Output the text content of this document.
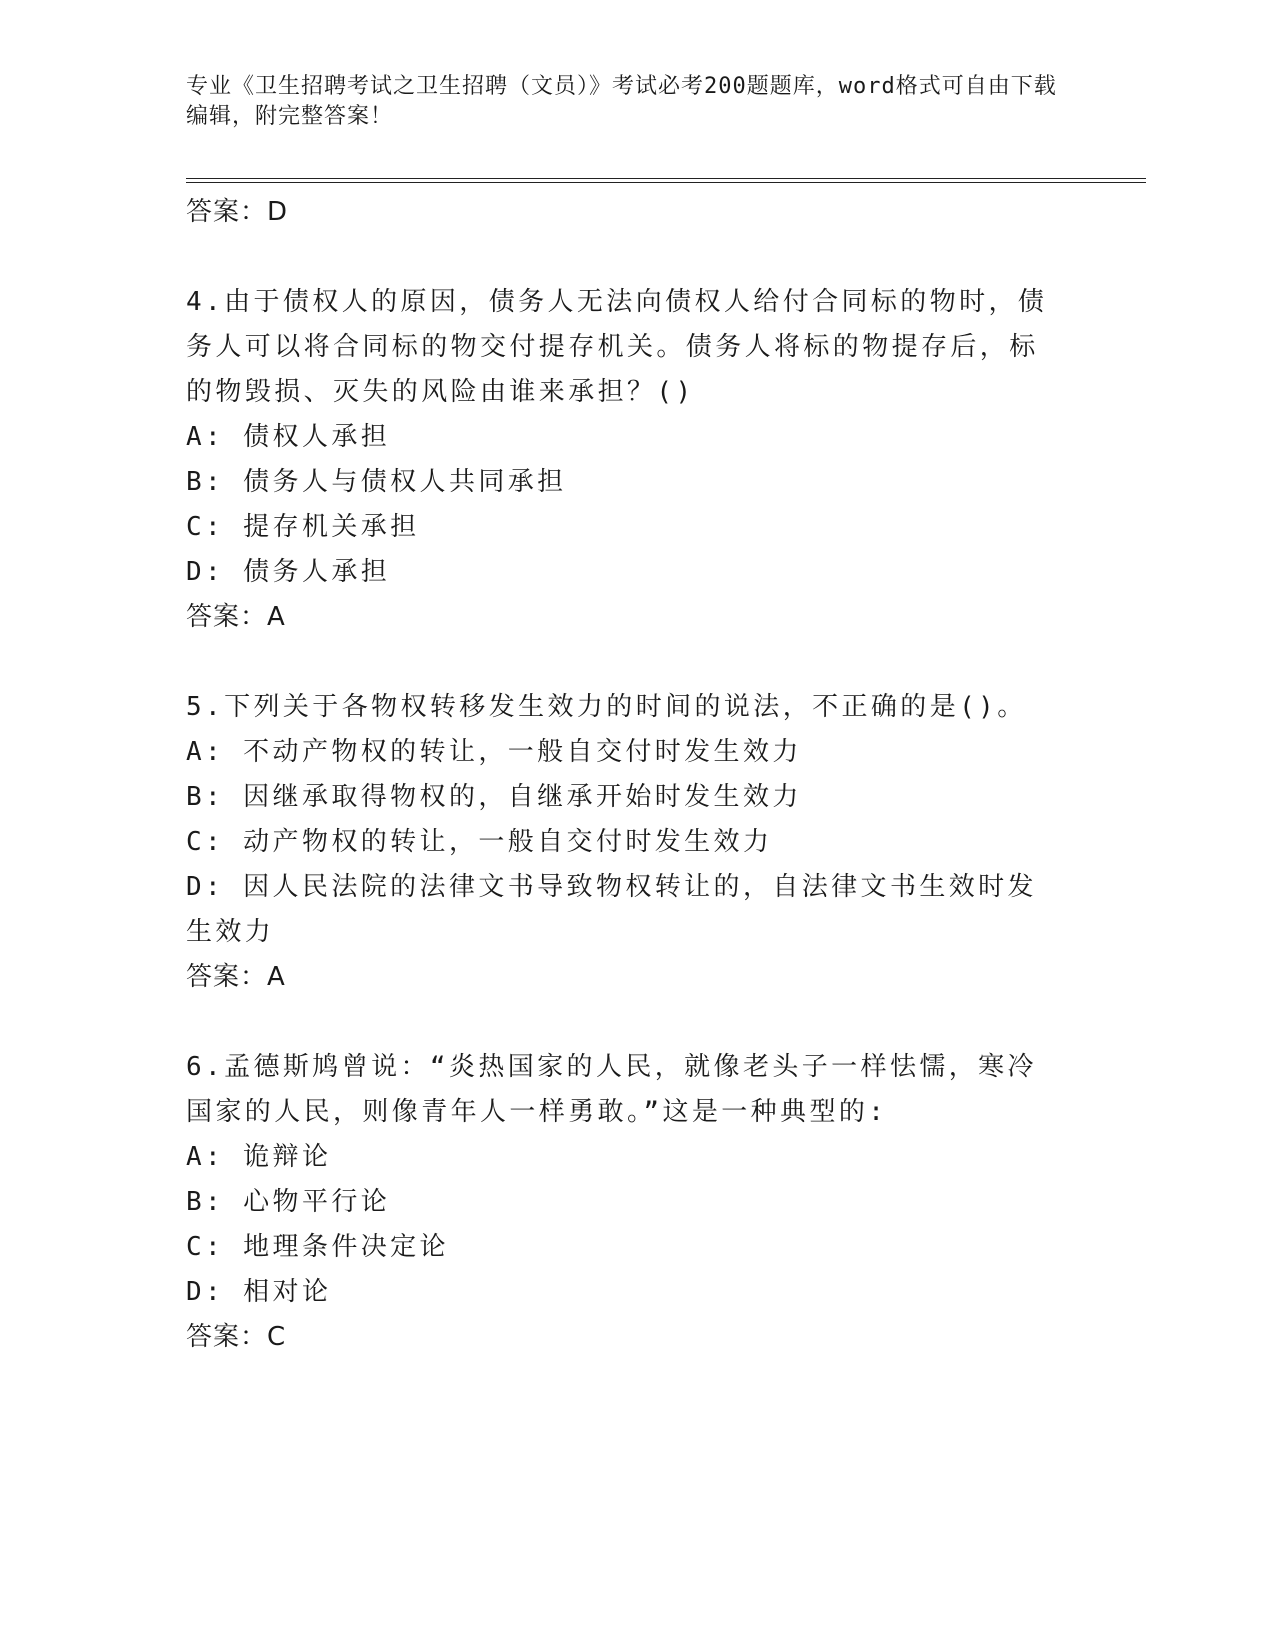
专业《卫生招聘考试之卫生招聘（文员）》考试必考200题题库，word格式可自由下载编辑，附完整答案！
答案：D
4.由于债权人的原因，债务人无法向债权人给付合同标的物时，债务人可以将合同标的物交付提存机关。债务人将标的物提存后，标的物毁损、灭失的风险由谁来承担？()
A: 债权人承担
B: 债务人与债权人共同承担
C: 提存机关承担
D: 债务人承担
答案：A
5.下列关于各物权转移发生效力的时间的说法，不正确的是()。
A: 不动产物权的转让，一般自交付时发生效力
B: 因继承取得物权的，自继承开始时发生效力
C: 动产物权的转让，一般自交付时发生效力
D: 因人民法院的法律文书导致物权转让的，自法律文书生效时发生效力
答案：A
6.孟德斯鸠曾说：“炎热国家的人民，就像老头子一样怯懦，寒冷国家的人民，则像青年人一样勇敢。”这是一种典型的:
A: 诡辩论
B: 心物平行论
C: 地理条件决定论
D: 相对论
答案：C
